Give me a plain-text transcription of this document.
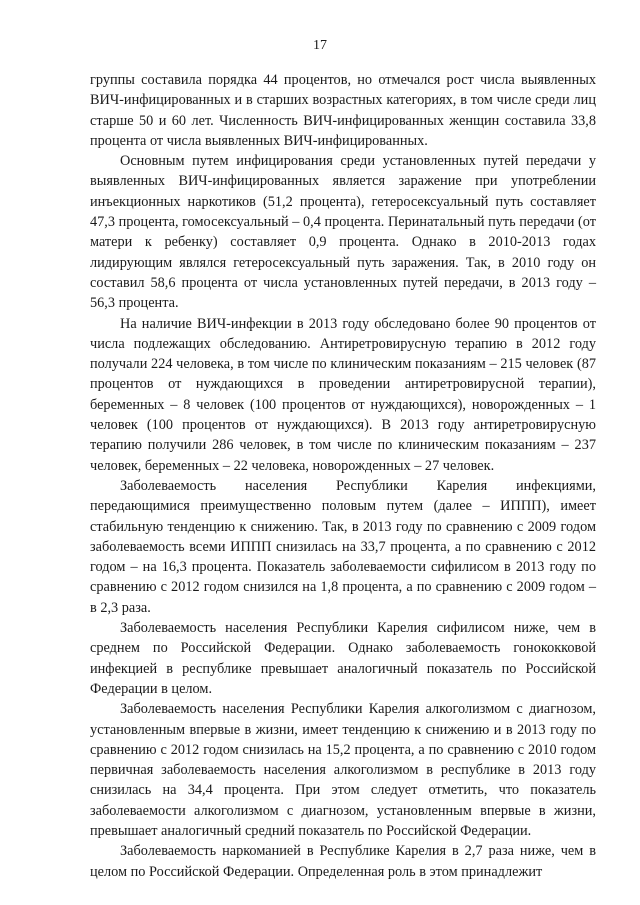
17

группы составила порядка 44 процентов, но отмечался рост числа выявленных ВИЧ-инфицированных и в старших возрастных категориях, в том числе среди лиц старше 50 и 60 лет. Численность ВИЧ-инфицированных женщин составила 33,8 процента от числа выявленных ВИЧ-инфицированных.

Основным путем инфицирования среди установленных путей передачи у выявленных ВИЧ-инфицированных является заражение при употреблении инъекционных наркотиков (51,2 процента), гетеросексуальный путь составляет 47,3 процента, гомосексуальный – 0,4 процента. Перинатальный путь передачи (от матери к ребенку) составляет 0,9 процента. Однако в 2010-2013 годах лидирующим являлся гетеросексуальный путь заражения. Так, в 2010 году он составил 58,6 процента от числа установленных путей передачи, в 2013 году – 56,3 процента.

На наличие ВИЧ-инфекции в 2013 году обследовано более 90 процентов от числа подлежащих обследованию. Антиретровирусную терапию в 2012 году получали 224 человека, в том числе по клиническим показаниям – 215 человек (87 процентов от нуждающихся в проведении антиретровирусной терапии), беременных – 8 человек (100 процентов от нуждающихся), новорожденных – 1 человек (100 процентов от нуждающихся). В 2013 году антиретровирусную терапию получили 286 человек, в том числе по клиническим показаниям – 237 человек, беременных – 22 человека, новорожденных – 27 человек.

Заболеваемость населения Республики Карелия инфекциями, передающимися преимущественно половым путем (далее – ИППП), имеет стабильную тенденцию к снижению. Так, в 2013 году по сравнению с 2009 годом заболеваемость всеми ИППП снизилась на 33,7 процента, а по сравнению с 2012 годом – на 16,3 процента. Показатель заболеваемости сифилисом в 2013 году по сравнению с 2012 годом снизился на 1,8 процента, а по сравнению с 2009 годом – в 2,3 раза.

Заболеваемость населения Республики Карелия сифилисом ниже, чем в среднем по Российской Федерации. Однако заболеваемость гонококковой инфекцией в республике превышает аналогичный показатель по Российской Федерации в целом.

Заболеваемость населения Республики Карелия алкоголизмом с диагнозом, установленным впервые в жизни, имеет тенденцию к снижению и в 2013 году по сравнению с 2012 годом снизилась на 15,2 процента, а по сравнению с 2010 годом первичная заболеваемость населения алкоголизмом в республике в 2013 году снизилась на 34,4 процента. При этом следует отметить, что показатель заболеваемости алкоголизмом с диагнозом, установленным впервые в жизни, превышает аналогичный средний показатель по Российской Федерации.

Заболеваемость наркоманией в Республике Карелия в 2,7 раза ниже, чем в целом по Российской Федерации. Определенная роль в этом принадлежит
